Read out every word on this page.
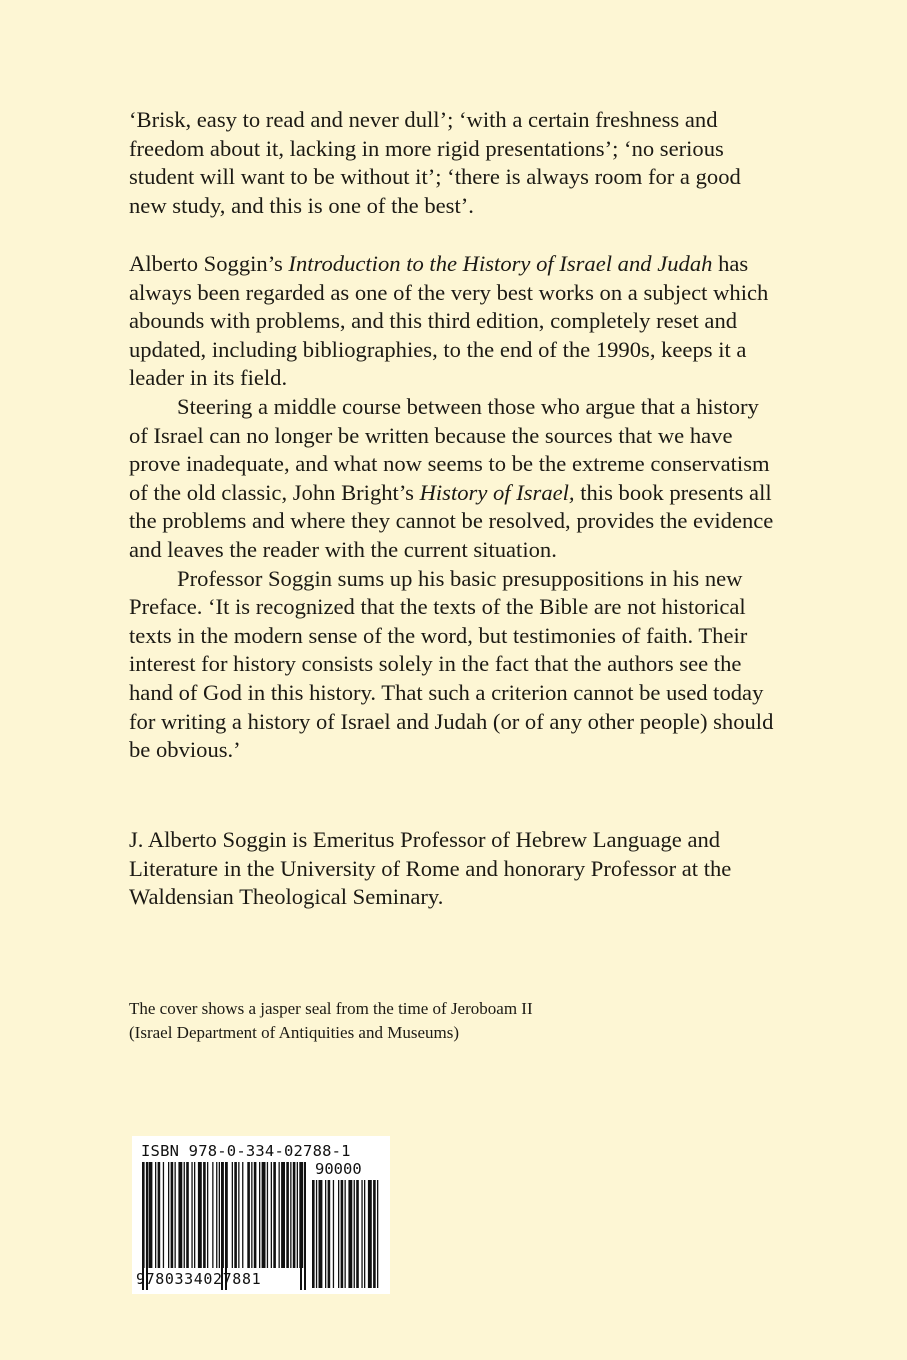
‘Brisk, easy to read and never dull’; ‘with a certain freshness and freedom about it, lacking in more rigid presentations’; ‘no serious student will want to be without it’; ‘there is always room for a good new study, and this is one of the best’.

Alberto Soggin’s Introduction to the History of Israel and Judah has always been regarded as one of the very best works on a subject which abounds with problems, and this third edition, completely reset and updated, including bibliographies, to the end of the 1990s, keeps it a leader in its field.

Steering a middle course between those who argue that a history of Israel can no longer be written because the sources that we have prove inadequate, and what now seems to be the extreme conservatism of the old classic, John Bright’s History of Israel, this book presents all the problems and where they cannot be resolved, provides the evidence and leaves the reader with the current situation.

Professor Soggin sums up his basic presuppositions in his new Preface. ‘It is recognized that the texts of the Bible are not historical texts in the modern sense of the word, but testimonies of faith. Their interest for history consists solely in the fact that the authors see the hand of God in this history. That such a criterion cannot be used today for writing a history of Israel and Judah (or of any other people) should be obvious.’

J. Alberto Soggin is Emeritus Professor of Hebrew Language and Literature in the University of Rome and honorary Professor at the Waldensian Theological Seminary.

The cover shows a jasper seal from the time of Jeroboam II

(Israel Department of Antiquities and Museums)

ISBN 978-0-334-02788-1
90000
9780334027881
